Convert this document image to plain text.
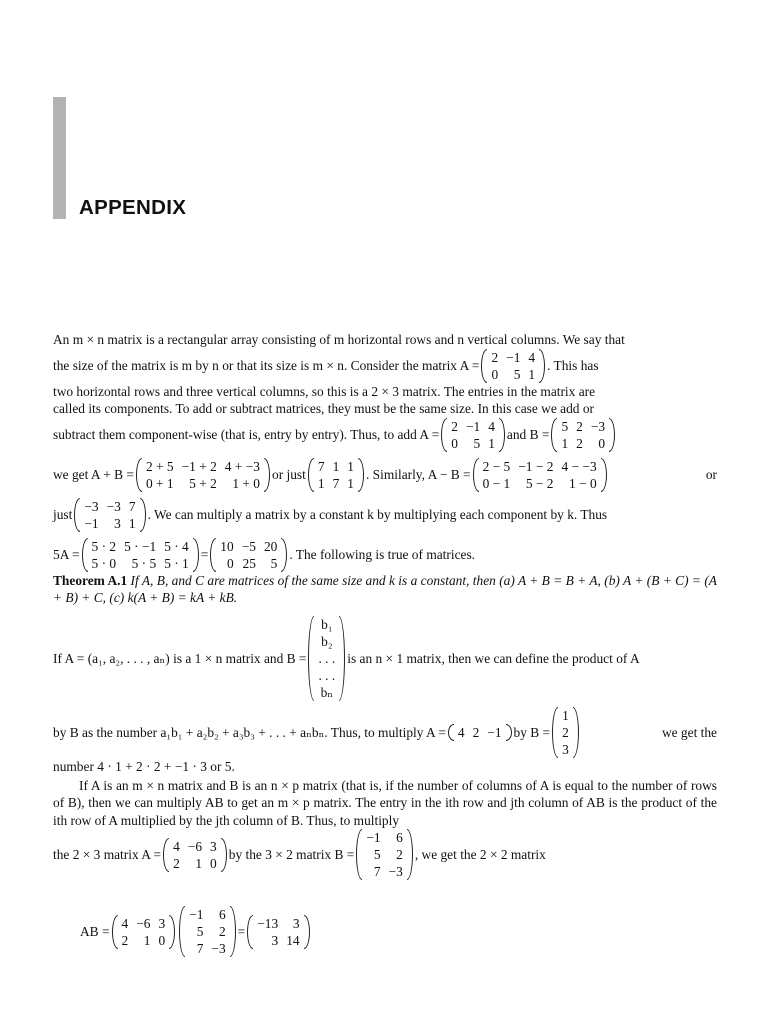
APPENDIX

An m × n matrix is a rectangular array consisting of m horizontal rows and n vertical columns. We say that

the size of the matrix is m by n or that its size is m × n. Consider the matrix A =
2	−1	4
0	5	1
. This has

two horizontal rows and three vertical columns, so this is a 2 × 3 matrix. The entries in the matrix are

called its components. To add or subtract matrices, they must be the same size. In this case we add or

subtract them component-wise (that is, entry by entry). Thus, to add A =
2	−1	4
0	5	1
and B =
5	2	−3
1	2	0
we get A + B =
2 + 5	−1 + 2	4 + −3
0 + 1	5 + 2	1 + 0
or just
7	1	1
1	7	1
. Similarly, A − B =
2 − 5	−1 − 2	4 − −3
0 − 1	5 − 2	1 − 0
or
just
−3	−3	7
−1	3	1
. We can multiply a matrix by a constant k by multiplying each component by k. Thus
5A =
5 · 2	5 · −1	5 · 4
5 · 0	5 · 5	5 · 1
=
10	−5	20
0	25	5
. The following is true of matrices.

Theorem A.1 If A, B, and C are matrices of the same size and k is a constant, then (a) A + B = B + A, (b) A + (B + C) = (A + B) + C, (c) k(A + B) = kA + kB.

If A = (a₁, a₂, . . . , aₙ) is a 1 × n matrix and B =
b₁
b₂
. . .
. . .
bₙ
is an n × 1 matrix, then we can define the product of A
by B as the number a₁b₁ + a₂b₂ + a₃b₃ + . . . + aₙbₙ. Thus, to multiply A = 4	2	−1 by B =
1
2
3
we get the

number 4 · 1 + 2 · 2 + −1 · 3 or 5.

If A is an m × n matrix and B is an n × p matrix (that is, if the number of columns of A is equal to the number of rows of B), then we can multiply AB to get an m × p matrix. The entry in the ith row and jth column of AB is the product of the ith row of A multiplied by the jth column of B. Thus, to multiply

the 2 × 3 matrix A =
4	−6	3
2	1	0
by the 3 × 2 matrix B =
−1	6
5	2
7	−3
, we get the 2 × 2 matrix
AB =
4	−6	3
2	1	0
−1	6
5	2
7	−3
=
−13	3
3	14
